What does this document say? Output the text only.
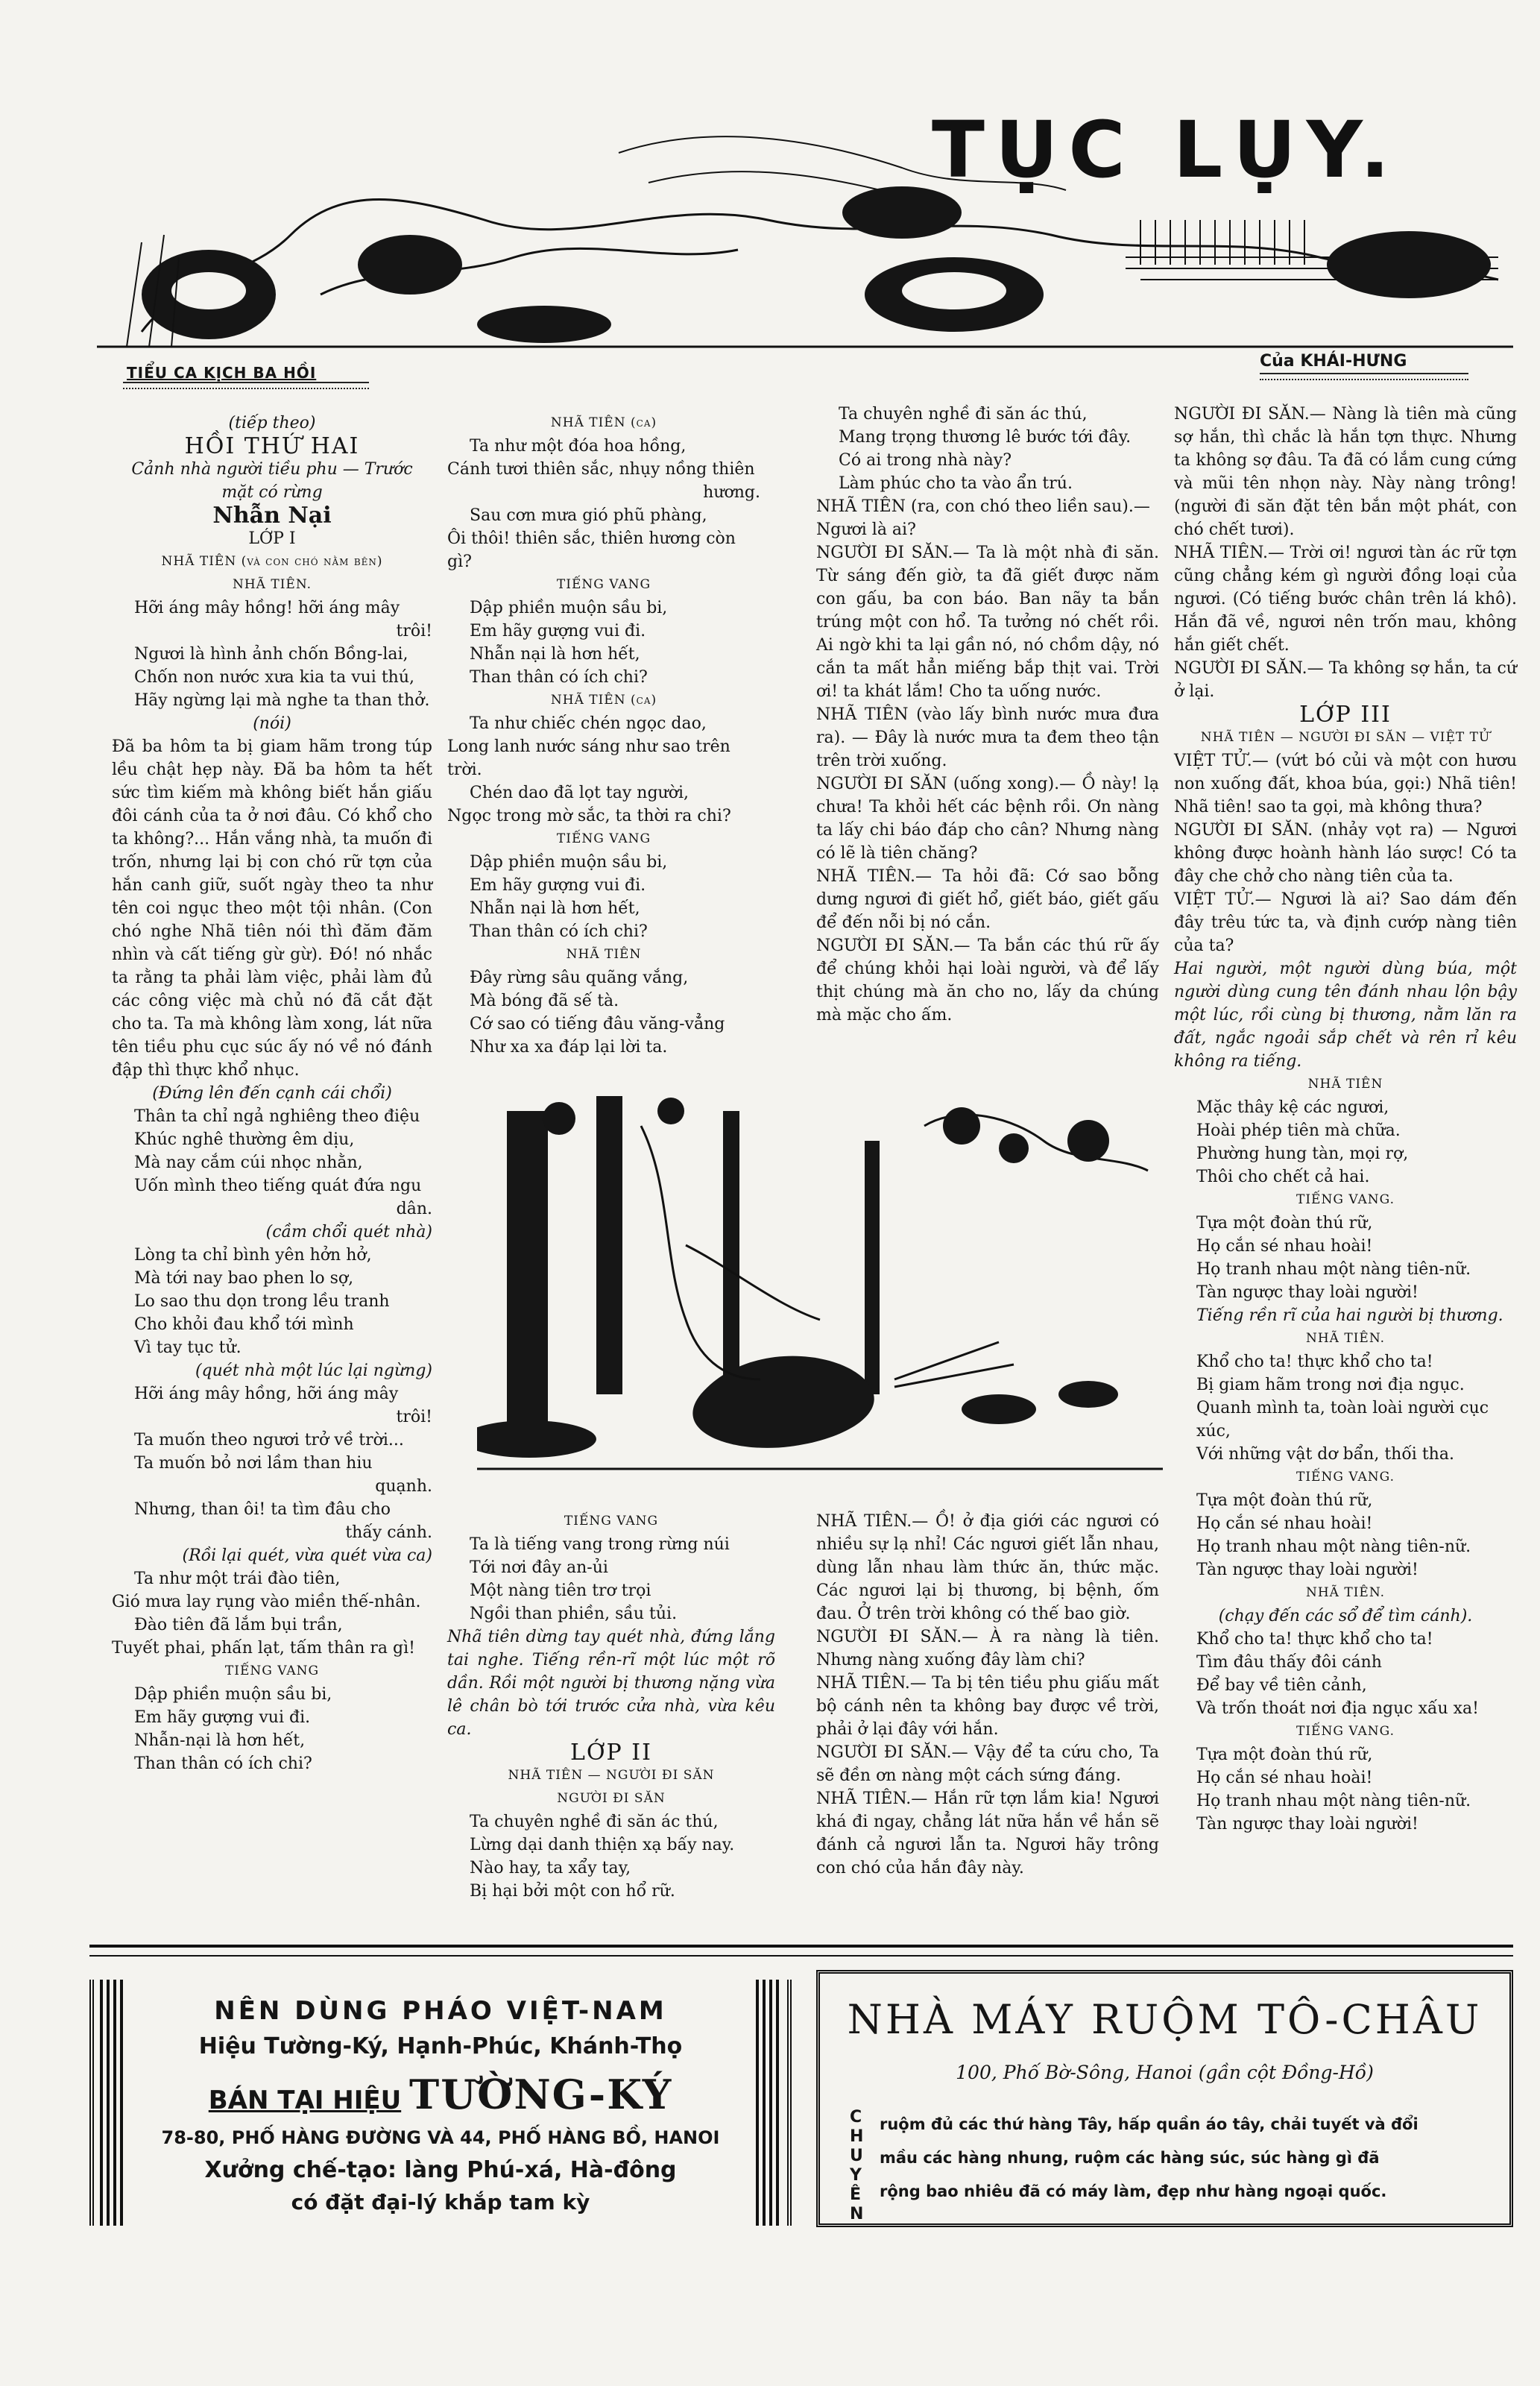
TỤC LỤY.
TIỂU CA KỊCH BA HỒI
Của KHÁI-HƯNG

(tiếp theo)

HỒI THỨ HAI

Cảnh nhà người tiều phu — Trước

mặt có rừng

Nhẫn Nại

LỚP I

NHÃ TIÊN (và con chó nằm bên)

NHÃ TIÊN.

Hỡi áng mây hồng! hỡi áng mây

trôi!

Ngươi là hình ảnh chốn Bồng-lai,

Chốn non nước xưa kia ta vui thú,

Hãy ngừng lại mà nghe ta than thở.

(nói)

Đã ba hôm ta bị giam hãm trong túp lều chật hẹp này. Đã ba hôm ta hết sức tìm kiếm mà không biết hắn giấu đôi cánh của ta ở nơi đâu. Có khổ cho ta không?... Hắn vắng nhà, ta muốn đi trốn, nhưng lại bị con chó rữ tợn của hắn canh giữ, suốt ngày theo ta như tên coi ngục theo một tội nhân. (Con chó nghe Nhã tiên nói thì đăm đăm nhìn và cất tiếng gừ gừ). Đó! nó nhắc ta rằng ta phải làm việc, phải làm đủ các công việc mà chủ nó đã cắt đặt cho ta. Ta mà không làm xong, lát nữa tên tiều phu cục súc ấy nó về nó đánh đập thì thực khổ nhục.

(Đứng lên đến cạnh cái chổi)

Thân ta chỉ ngả nghiêng theo điệu

Khúc nghê thường êm dịu,

Mà nay cắm cúi nhọc nhằn,

Uốn mình theo tiếng quát đứa ngu

dân.

(cầm chổi quét nhà)

Lòng ta chỉ bình yên hởn hở,

Mà tới nay bao phen lo sợ,

Lo sao thu dọn trong lều tranh

Cho khỏi đau khổ tới mình

Vì tay tục tử.

(quét nhà một lúc lại ngừng)

Hỡi áng mây hồng, hỡi áng mây

trôi!

Ta muốn theo ngươi trở về trời...

Ta muốn bỏ nơi lầm than hiu

quạnh.

Nhưng, than ôi! ta tìm đâu cho

thấy cánh.

(Rồi lại quét, vừa quét vừa ca)

Ta như một trái đào tiên,

Gió mưa lay rụng vào miền thế-nhân.

Đào tiên đã lắm bụi trần,

Tuyết phai, phấn lạt, tấm thân ra gì!

TIẾNG VANG

Dập phiền muộn sầu bi,

Em hãy gượng vui đi.

Nhẫn-nại là hơn hết,

Than thân có ích chi?

NHÃ TIÊN (ca)

Ta như một đóa hoa hồng,

Cánh tươi thiên sắc, nhụy nồng thiên

hương.

Sau cơn mưa gió phũ phàng,

Ôi thôi! thiên sắc, thiên hương còn gì?

TIẾNG VANG

Dập phiền muộn sầu bi,

Em hãy gượng vui đi.

Nhẫn nại là hơn hết,

Than thân có ích chi?

NHÃ TIÊN (ca)

Ta như chiếc chén ngọc dao,

Long lanh nước sáng như sao trên trời.

Chén dao đã lọt tay người,

Ngọc trong mờ sắc, ta thời ra chi?

TIẾNG VANG

Dập phiền muộn sầu bi,

Em hãy gượng vui đi.

Nhẫn nại là hơn hết,

Than thân có ích chi?

NHÃ TIÊN

Đây rừng sâu quãng vắng,

Mà bóng đã sế tà.

Cớ sao có tiếng đâu văng-vẳng

Như xa xa đáp lại lời ta.

Ta chuyên nghề đi săn ác thú,

Mang trọng thương lê bước tới đây.

Có ai trong nhà này?

Làm phúc cho ta vào ẩn trú.

NHÃ TIÊN (ra, con chó theo liền sau).— Ngươi là ai?

NGƯỜI ĐI SĂN.— Ta là một nhà đi săn. Từ sáng đến giờ, ta đã giết được năm con gấu, ba con báo. Ban nãy ta bắn trúng một con hổ. Ta tưởng nó chết rồi. Ai ngờ khi ta lại gần nó, nó chồm dậy, nó cắn ta mất hẳn miếng bắp thịt vai. Trời ơi! ta khát lắm! Cho ta uống nước.

NHÃ TIÊN (vào lấy bình nước mưa đưa ra). — Đây là nước mưa ta đem theo tận trên trời xuống.

NGƯỜI ĐI SĂN (uống xong).— Ồ này! lạ chưa! Ta khỏi hết các bệnh rồi. Ơn nàng ta lấy chi báo đáp cho cân? Nhưng nàng có lẽ là tiên chăng?

NHÃ TIÊN.— Ta hỏi đã: Cớ sao bỗng dưng ngươi đi giết hổ, giết báo, giết gấu để đến nỗi bị nó cắn.

NGƯỜI ĐI SĂN.— Ta bắn các thú rữ ấy để chúng khỏi hại loài người, và để lấy thịt chúng mà ăn cho no, lấy da chúng mà mặc cho ấm.

NGƯỜI ĐI SĂN.— Nàng là tiên mà cũng sợ hắn, thì chắc là hắn tợn thực. Nhưng ta không sợ đâu. Ta đã có lắm cung cứng và mũi tên nhọn này. Này nàng trông! (người đi săn đặt tên bắn một phát, con chó chết tươi).

NHÃ TIÊN.— Trời ơi! ngươi tàn ác rữ tợn cũng chẳng kém gì người đồng loại của ngươi. (Có tiếng bước chân trên lá khô). Hắn đã về, ngươi nên trốn mau, không hắn giết chết.

NGƯỜI ĐI SĂN.— Ta không sợ hắn, ta cứ ở lại.

LỚP III

NHÃ TIÊN — NGƯỜI ĐI SĂN — VIỆT TỬ

VIỆT TỬ.— (vứt bó củi và một con hươu non xuống đất, khoa búa, gọi:) Nhã tiên! Nhã tiên! sao ta gọi, mà không thưa?

NGƯỜI ĐI SĂN. (nhảy vọt ra) — Ngươi không được hoành hành láo sược! Có ta đây che chở cho nàng tiên của ta.

VIỆT TỬ.— Ngươi là ai? Sao dám đến đây trêu tức ta, và định cướp nàng tiên của ta?

Hai người, một người dùng búa, một người dùng cung tên đánh nhau lộn bậy một lúc, rồi cùng bị thương, nằm lăn ra đất, ngắc ngoải sắp chết và rên rỉ kêu không ra tiếng.

NHÃ TIÊN

Mặc thây kệ các ngươi,

Hoài phép tiên mà chữa.

Phường hung tàn, mọi rợ,

Thôi cho chết cả hai.

TIẾNG VANG.

Tựa một đoàn thú rữ,

Họ cắn sé nhau hoài!

Họ tranh nhau một nàng tiên-nữ.

Tàn ngược thay loài người!

Tiếng rền rĩ của hai người bị thương.

NHÃ TIÊN.

Khổ cho ta! thực khổ cho ta!

Bị giam hãm trong nơi địa ngục.

Quanh mình ta, toàn loài người cục xúc,

Với những vật dơ bẩn, thối tha.

TIẾNG VANG.

Tựa một đoàn thú rữ,

Họ cắn sé nhau hoài!

Họ tranh nhau một nàng tiên-nữ.

Tàn ngược thay loài người!

NHÃ TIÊN.

(chạy đến các sổ để tìm cánh).

Khổ cho ta! thực khổ cho ta!

Tìm đâu thấy đôi cánh

Để bay về tiên cảnh,

Và trốn thoát nơi địa ngục xấu xa!

TIẾNG VANG.

Tựa một đoàn thú rữ,

Họ cắn sé nhau hoài!

Họ tranh nhau một nàng tiên-nữ.

Tàn ngược thay loài người!

TIẾNG VANG

Ta là tiếng vang trong rừng núi

Tới nơi đây an-ủi

Một nàng tiên trơ trọi

Ngồi than phiền, sầu tủi.

Nhã tiên dừng tay quét nhà, đứng lắng tai nghe. Tiếng rền-rĩ một lúc một rõ dần. Rồi một người bị thương nặng vừa lê chân bò tới trước cửa nhà, vừa kêu ca.

LỚP II

NHÃ TIÊN — NGƯỜI ĐI SĂN

NGƯỜI ĐI SĂN

Ta chuyên nghề đi săn ác thú,

Lừng dại danh thiện xạ bấy nay.

Nào hay, ta xẩy tay,

Bị hại bởi một con hổ rữ.

NHÃ TIÊN.— Ồ! ở địa giới các ngươi có nhiều sự lạ nhỉ! Các ngươi giết lẫn nhau, dùng lẫn nhau làm thức ăn, thức mặc. Các ngươi lại bị thương, bị bệnh, ốm đau. Ở trên trời không có thế bao giờ.

NGƯỜI ĐI SĂN.— À ra nàng là tiên. Nhưng nàng xuống đây làm chi?

NHÃ TIÊN.— Ta bị tên tiều phu giấu mất bộ cánh nên ta không bay được về trời, phải ở lại đây với hắn.

NGƯỜI ĐI SĂN.— Vậy để ta cứu cho, Ta sẽ đền ơn nàng một cách sứng đáng.

NHÃ TIÊN.— Hắn rữ tợn lắm kia! Ngươi khá đi ngay, chẳng lát nữa hắn về hắn sẽ đánh cả ngươi lẫn ta. Ngươi hãy trông con chó của hắn đây này.

NÊN DÙNG PHÁO VIỆT-NAM
Hiệu Tường-Ký, Hạnh-Phúc, Khánh-Thọ
BÁN TẠI HIỆU TƯỜNG-KÝ
78-80, PHỐ HÀNG ĐƯỜNG VÀ 44, PHỐ HÀNG BỒ, HANOI
Xưởng chế-tạo: làng Phú-xá, Hà-đông
có đặt đại-lý khắp tam kỳ
NHÀ MÁY RUỘM TÔ-CHÂU
100, Phố Bờ-Sông, Hanoi (gần cột Đồng-Hồ)
CHUYÊN
ruộm đủ các thứ hàng Tây, hấp quần áo tây, chải tuyết và đổi
mầu các hàng nhung, ruộm các hàng súc, súc hàng gì đã
rộng bao nhiêu đã có máy làm, đẹp như hàng ngoại quốc.
